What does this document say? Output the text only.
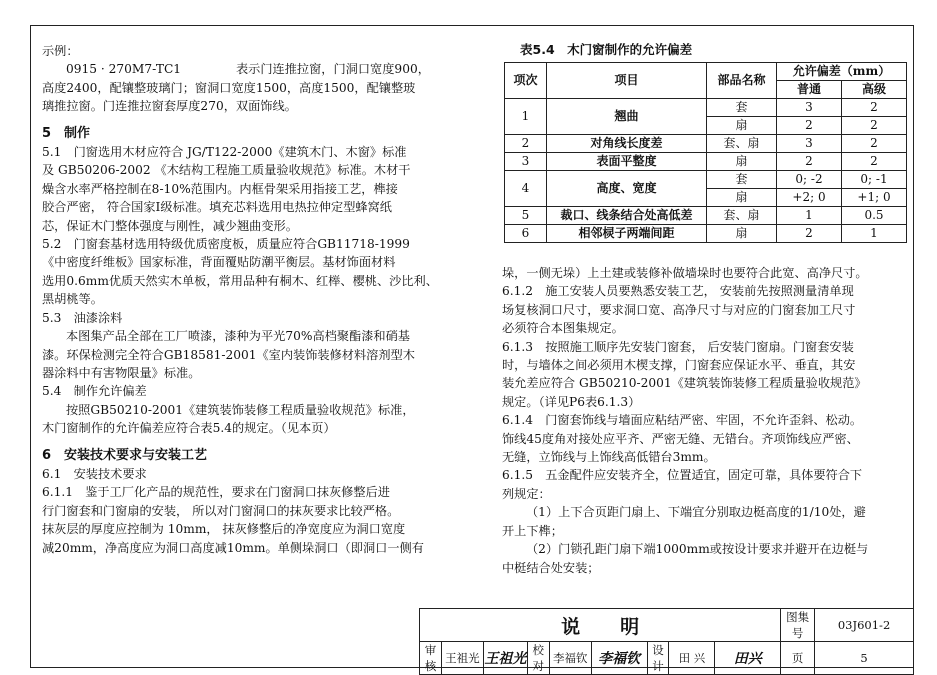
示例：

0915 · 270M7-TC1	表示门连推拉窗，门洞口宽度900，

高度2400，配镶整玻璃门；窗洞口宽度1500，高度1500，配镶整玻

璃推拉窗。门连推拉窗套厚度270，双面饰线。

5　制作

5.1　门窗选用木材应符合 JG/T122-2000《建筑木门、木窗》标准

及 GB50206-2002 《木结构工程施工质量验收规范》标准。木材干

燥含水率严格控制在8-10%范围内。内框骨架采用指接工艺，榫接

胶合严密， 符合国家I级标准。填充芯料选用电热拉伸定型蜂窝纸

芯，保证木门整体强度与刚性，减少翘曲变形。

5.2　门窗套基材选用特级优质密度板，质量应符合GB11718-1999

《中密度纤维板》国家标准，背面覆贴防潮平衡层。基材饰面材料

选用0.6mm优质天然实木单板，常用品种有桐木、红榉、樱桃、沙比利、

黑胡桃等。

5.3　油漆涂料

本图集产品全部在工厂喷漆，漆种为平光70%高档聚酯漆和硝基

漆。环保检测完全符合GB18581-2001《室内装饰装修材料溶剂型木

器涂料中有害物限量》标准。

5.4　制作允许偏差

按照GB50210-2001《建筑装饰装修工程质量验收规范》标准，

木门窗制作的允许偏差应符合表5.4的规定。（见本页）

6　安装技术要求与安装工艺

6.1　安装技术要求

6.1.1　鉴于工厂化产品的规范性，要求在门窗洞口抹灰修整后进

行门窗套和门窗扇的安装， 所以对门窗洞口的抹灰要求比较严格。

抹灰层的厚度应控制为 10mm， 抹灰修整后的净宽度应为洞口宽度

减20mm，净高度应为洞口高度减10mm。单侧垛洞口（即洞口一侧有

表5.4　木门窗制作的允许偏差
项次	项目	部品名称	允许偏差（mm）	
			普通	高级
1	翘曲	套	3	2
		扇	2	2
2	对角线长度差	套、扇	3	2
3	表面平整度	扇	2	2
4	高度、宽度	套	0; -2	0; -1
		扇	+2; 0	+1; 0
5	裁口、线条结合处高低差	套、扇	1	0.5
6	相邻棂子两端间距	扇	2	1

垛，一侧无垛）上土建或装修补做墙垛时也要符合此宽、高净尺寸。

6.1.2　施工安装人员要熟悉安装工艺， 安装前先按照测量清单现

场复核洞口尺寸，要求洞口宽、高净尺寸与对应的门窗套加工尺寸

必须符合本图集规定。

6.1.3　按照施工顺序先安装门窗套， 后安装门窗扇。门窗套安装

时，与墙体之间必须用木楔支撑，门窗套应保证水平、垂直，其安

装允差应符合 GB50210-2001《建筑装饰装修工程质量验收规范》

规定。（详见P6表6.1.3）

6.1.4　门窗套饰线与墙面应粘结严密、牢固，不允许歪斜、松动。

饰线45度角对接处应平齐、严密无缝、无错台。齐项饰线应严密、

无缝，立饰线与上饰线高低错台3mm。

6.1.5　五金配件应安装齐全，位置适宜，固定可靠，具体要符合下

列规定：

（1）上下合页距门扇上、下端宜分别取边梃高度的1/10处，避

开上下榫；

（2）门锁孔距门扇下端1000mm或按设计要求并避开在边梃与

中梃结合处安装；

说明									图集号	03J601-2
审核	王祖光	王祖光	校对	李福钦	李福钦	设计	田 兴	田兴	页	5
